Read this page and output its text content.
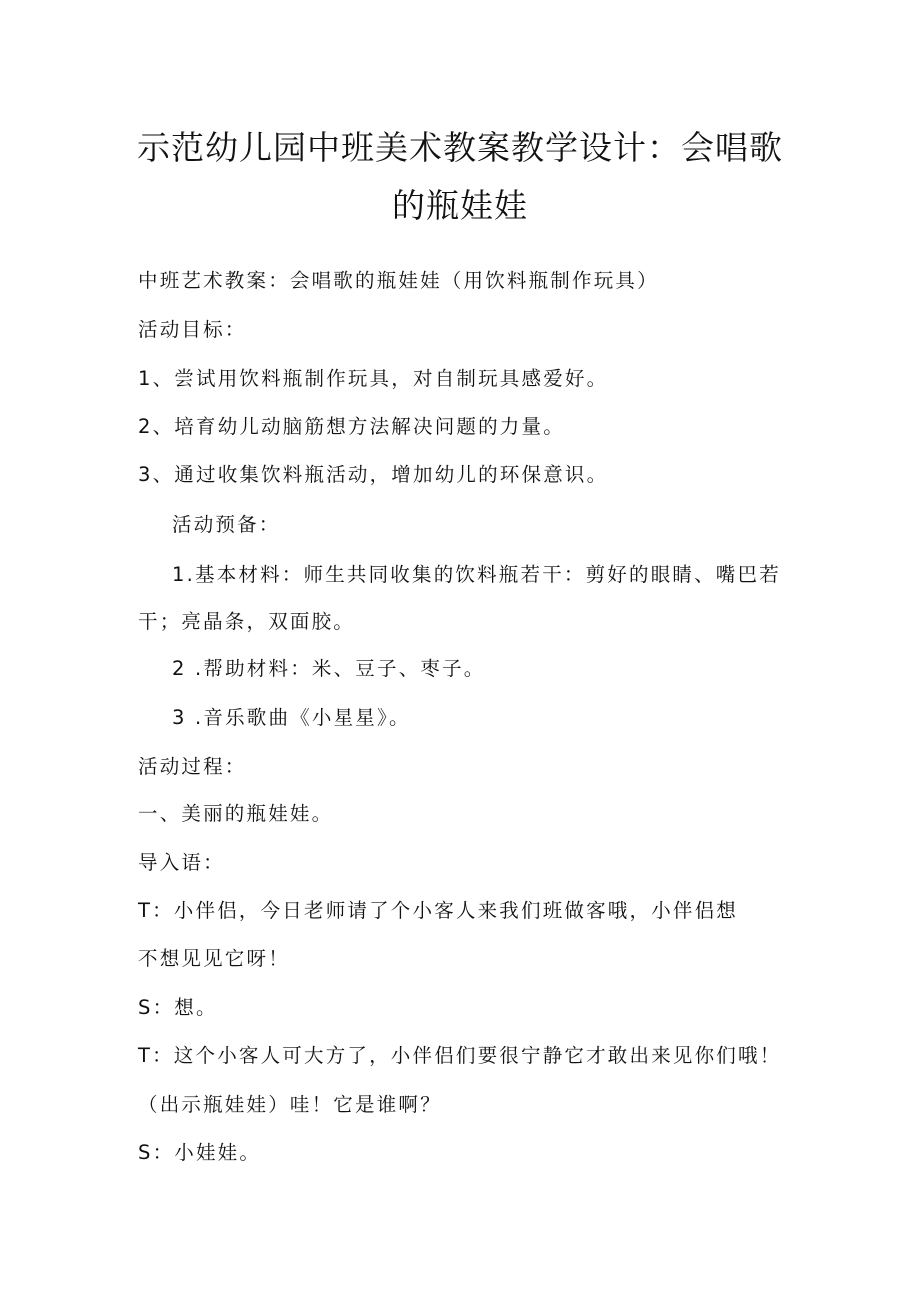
示范幼儿园中班美术教案教学设计：会唱歌
的瓶娃娃
中班艺术教案：会唱歌的瓶娃娃（用饮料瓶制作玩具）
活动目标：
1、尝试用饮料瓶制作玩具，对自制玩具感爱好。
2、培育幼儿动脑筋想方法解决问题的力量。
3、通过收集饮料瓶活动，增加幼儿的环保意识。
活动预备：
1.基本材料：师生共同收集的饮料瓶若干：剪好的眼睛、嘴巴若
干；亮晶条，双面胶。
2 .帮助材料：米、豆子、枣子。
3 .音乐歌曲《小星星》。
活动过程：
一、美丽的瓶娃娃。
导入语：
T：小伴侣，今日老师请了个小客人来我们班做客哦，小伴侣想
不想见见它呀！
S：想。
T：这个小客人可大方了，小伴侣们要很宁静它才敢出来见你们哦！
（出示瓶娃娃）哇！它是谁啊？
S：小娃娃。
